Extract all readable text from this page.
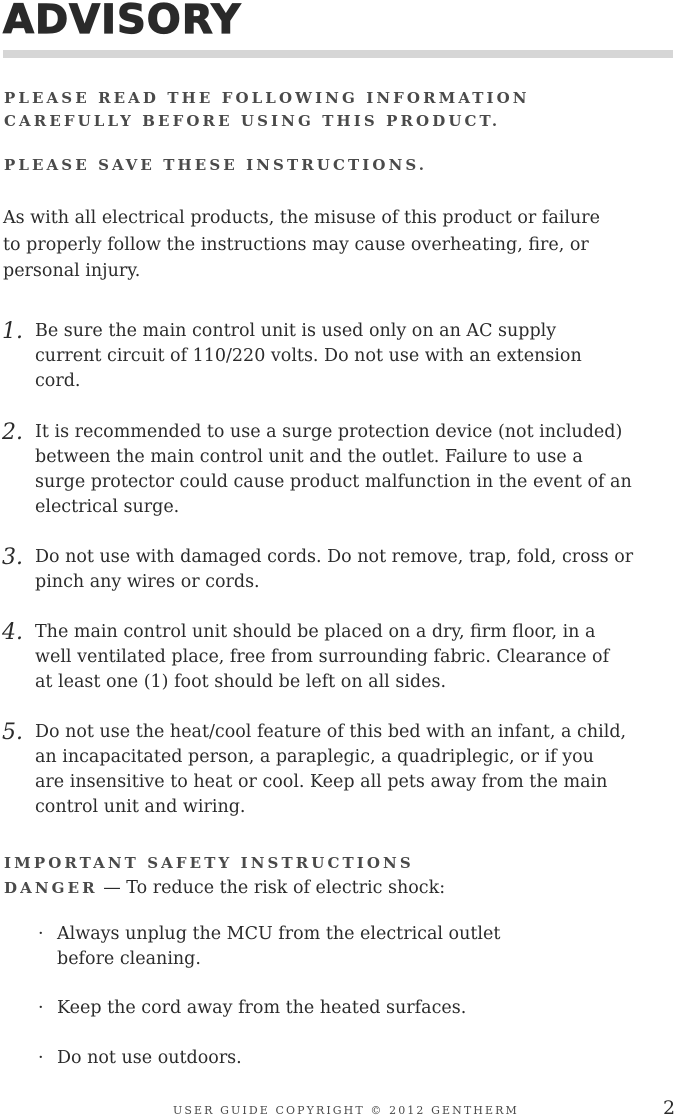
ADVISORY

PLEASE READ THE FOLLOWING INFORMATION

CAREFULLY BEFORE USING THIS PRODUCT.

PLEASE SAVE THESE INSTRUCTIONS.

As with all electrical products, the misuse of this product or failure
to properly follow the instructions may cause overheating, fire, or
personal injury.
1. Be sure the main control unit is used only on an AC supply
current circuit of 110/220 volts. Do not use with an extension
cord.
2. It is recommended to use a surge protection device (not included)
between the main control unit and the outlet. Failure to use a
surge protector could cause product malfunction in the event of an
electrical surge.
3. Do not use with damaged cords. Do not remove, trap, fold, cross or
pinch any wires or cords.
4. The main control unit should be placed on a dry, firm floor, in a
well ventilated place, free from surrounding fabric. Clearance of
at least one (1) foot should be left on all sides.
5. Do not use the heat/cool feature of this bed with an infant, a child,
an incapacitated person, a paraplegic, a quadriplegic, or if you
are insensitive to heat or cool. Keep all pets away from the main
control unit and wiring.

IMPORTANT SAFETY INSTRUCTIONS

DANGER — To reduce the risk of electric shock:

· Always unplug the MCU from the electrical outlet
before cleaning.
· Keep the cord away from the heated surfaces.
· Do not use outdoors.
USER GUIDE COPYRIGHT © 2012 GENTHERM	2
